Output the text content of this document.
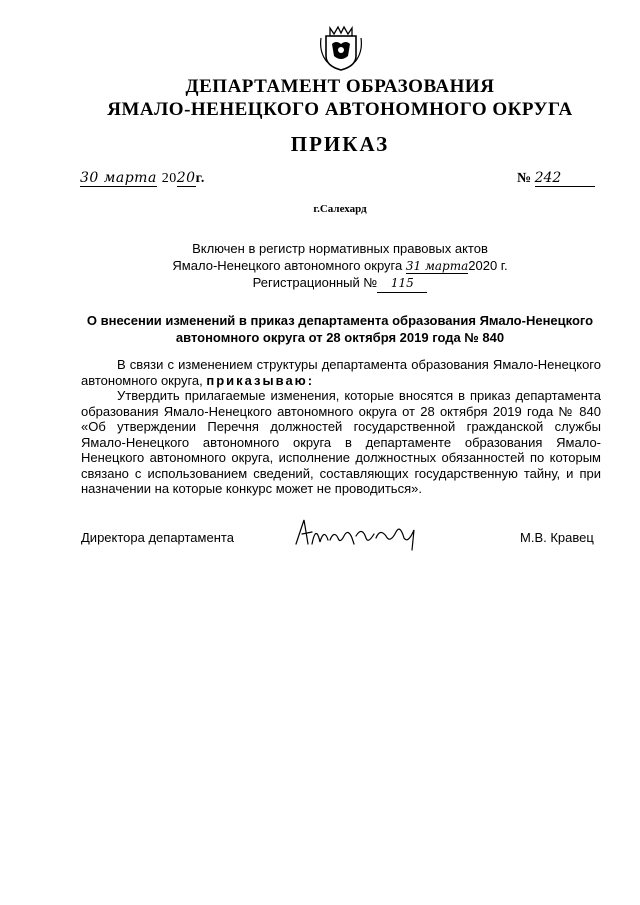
ДЕПАРТАМЕНТ ОБРАЗОВАНИЯ
ЯМАЛО-НЕНЕЦКОГО АВТОНОМНОГО ОКРУГА
ПРИКАЗ
30 марта 2020г.	№ 242
г.Салехард
Включен в регистр нормативных правовых актов
Ямало-Ненецкого автономного округа 31 марта2020 г.
Регистрационный № 115
О внесении изменений в приказ департамента образования Ямало-Ненецкого
автономного округа от 28 октября 2019 года № 840

В связи с изменением структуры департамента образования Ямало-Ненецкого автономного округа, приказываю:

Утвердить прилагаемые изменения, которые вносятся в приказ департамента образования Ямало-Ненецкого автономного округа от 28 октября 2019 года № 840 «Об утверждении Перечня должностей государственной гражданской службы Ямало-Ненецкого автономного округа в департаменте образования Ямало-Ненецкого автономного округа, исполнение должностных обязанностей по которым связано с использованием сведений, составляющих государственную тайну, и при назначении на которые конкурс может не проводиться».

Директора департамента	М.В. Кравец
